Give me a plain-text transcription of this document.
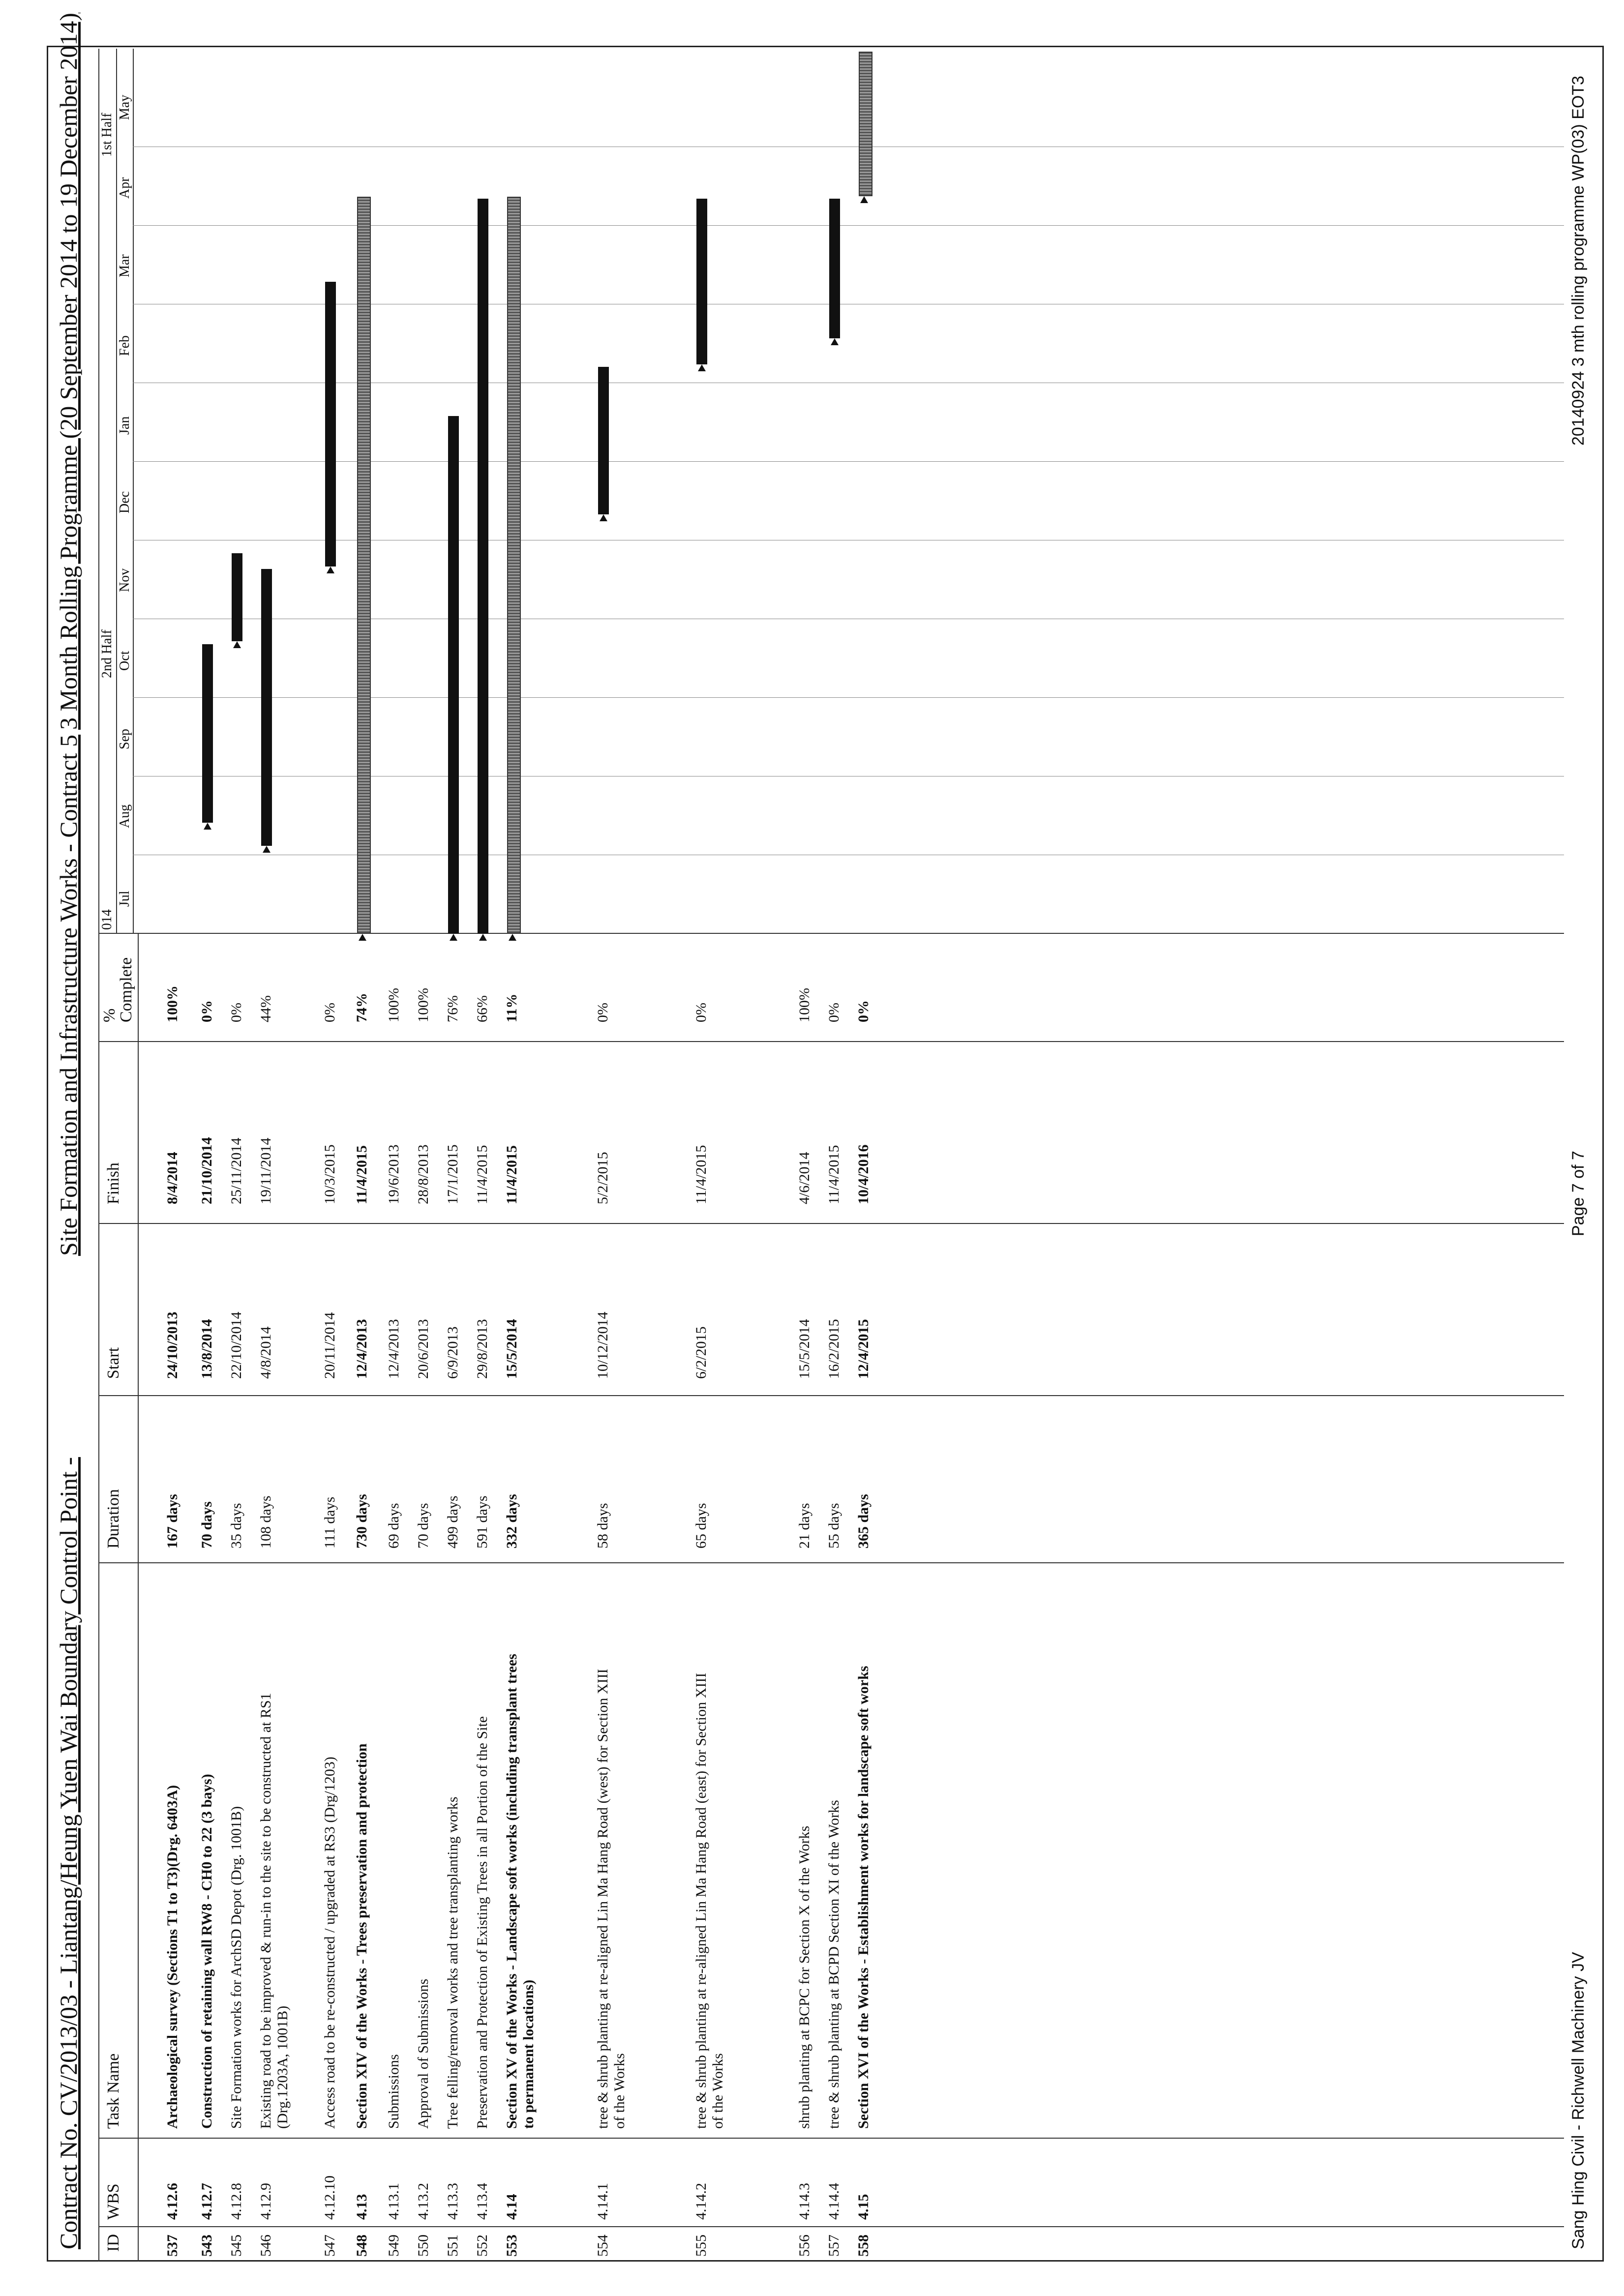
Contract No. CV/2013/03 - Liantang/Heung Yuen Wai Boundary Control Point -
Site Formation and Infrastructure Works - Contract 5
3 Month Rolling Programme (20 September 2014 to 19 December 2014)
ID
WBS
Task Name
Duration
Start
Finish
%
Complete
537
4.12.6
Archaeological survey (Sections T1 to T3)(Drg. 6403A)
167 days
24/10/2013
8/4/2014
100%
543
4.12.7
Construction of retaining wall RW8 - CH0 to 22 (3 bays)
70 days
13/8/2014
21/10/2014
0%
545
4.12.8
Site Formation works for ArchSD Depot (Drg. 1001B)
35 days
22/10/2014
25/11/2014
0%
546
4.12.9
Existing road to be improved & run-in to the site to be constructed at RS1 (Drg.1203A, 1001B)
108 days
4/8/2014
19/11/2014
44%
547
4.12.10
Access road to be re-constructed / upgraded at RS3 (Drg/1203)
111 days
20/11/2014
10/3/2015
0%
548
4.13
Section XIV of the Works - Trees preservation and protection
730 days
12/4/2013
11/4/2015
74%
549
4.13.1
Submissions
69 days
12/4/2013
19/6/2013
100%
550
4.13.2
Approval of Submissions
70 days
20/6/2013
28/8/2013
100%
551
4.13.3
Tree felling/removal works and tree transplanting works
499 days
6/9/2013
17/1/2015
76%
552
4.13.4
Preservation and Protection of Existing Trees in all Portion of the Site
591 days
29/8/2013
11/4/2015
66%
553
4.14
Section XV of the Works - Landscape soft works (including transplant trees to permanent locations)
332 days
15/5/2014
11/4/2015
11%
554
4.14.1
tree & shrub planting at re-aligned Lin Ma Hang Road (west) for Section XIII of the Works
58 days
10/12/2014
5/2/2015
0%
555
4.14.2
tree & shrub planting at re-aligned Lin Ma Hang Road (east) for Section XIII of the Works
65 days
6/2/2015
11/4/2015
0%
556
4.14.3
shrub planting at BCPC for Section X of the Works
21 days
15/5/2014
4/6/2014
100%
557
4.14.4
tree & shrub planting at BCPD Section XI of the Works
55 days
16/2/2015
11/4/2015
0%
558
4.15
Section XVI of the Works - Establishment works for landscape soft works
365 days
12/4/2015
10/4/2016
0%
014
2nd Half
1st Half
Jul
Aug
Sep
Oct
Nov
Dec
Jan
Feb
Mar
Apr
May
Sang Hing Civil - Richwell Machinery JV
Page 7 of 7
20140924 3 mth rolling programme WP(03) EOT3
